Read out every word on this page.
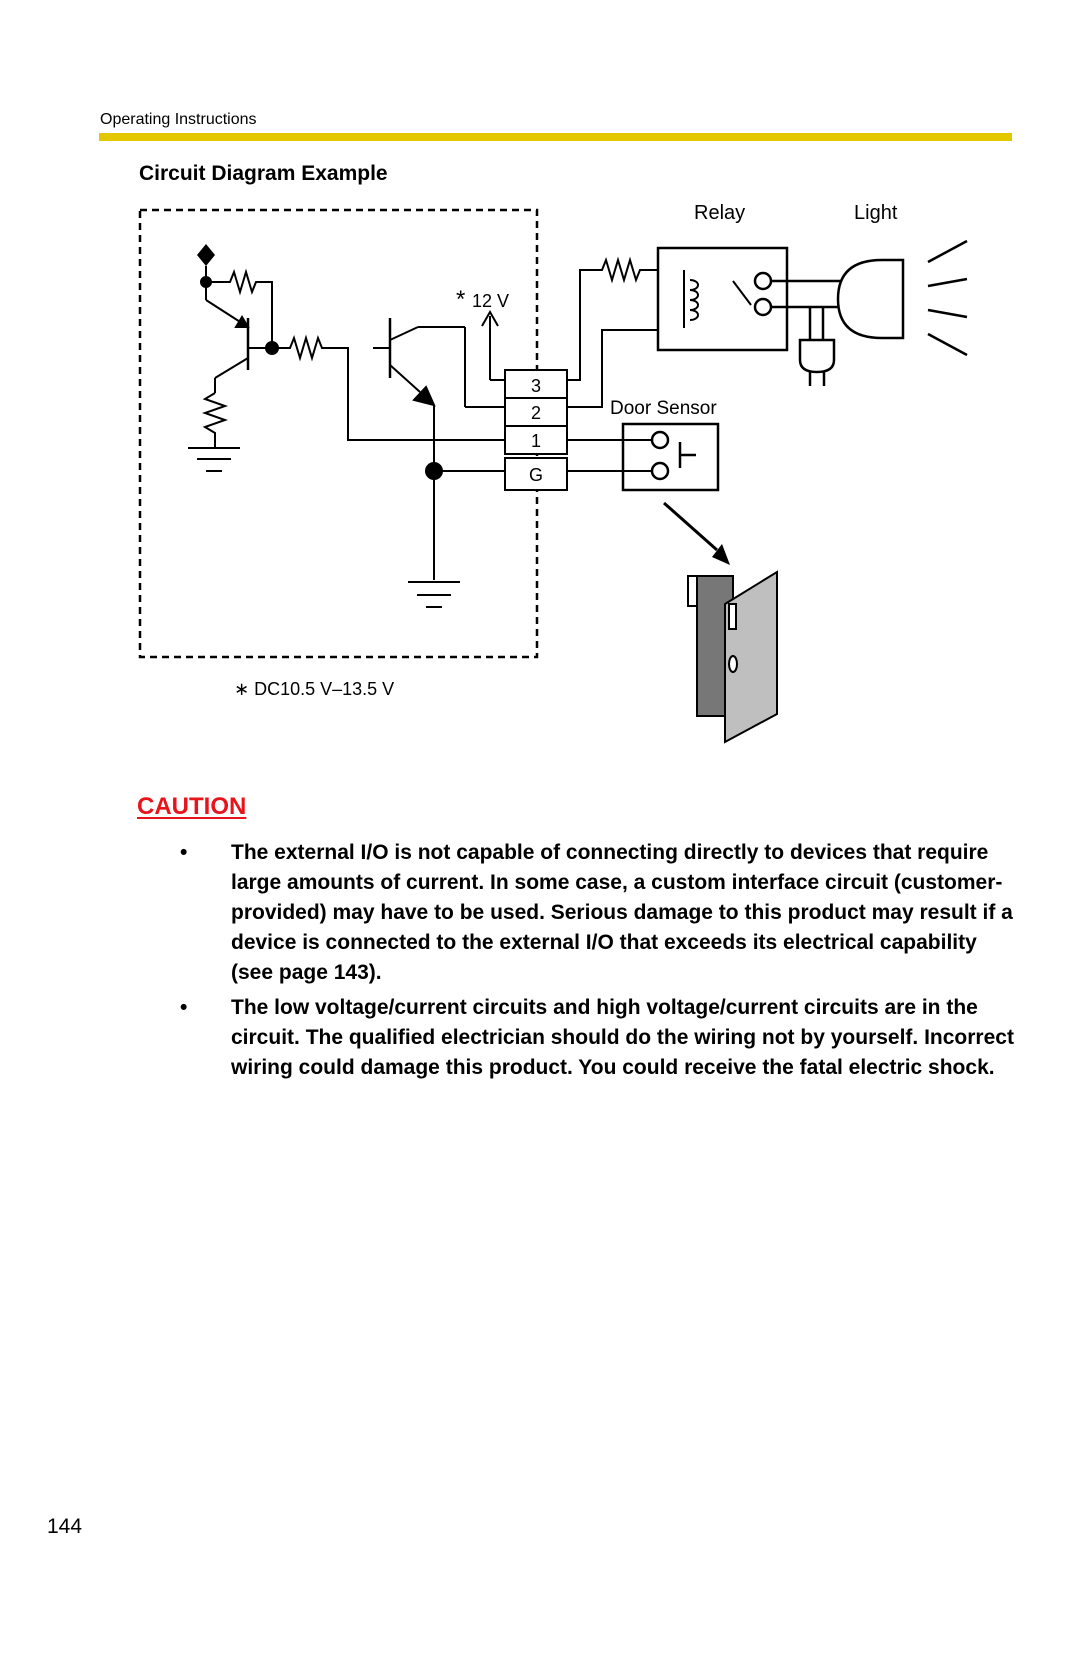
Operating Instructions
Circuit Diagram Example
3
2
1
G
Relay	Light
* 12 V
Door Sensor
∗ DC10.5 V–13.5 V
CAUTION
• The external I/O is not capable of connecting directly to devices that require large amounts of current. In some case, a custom interface circuit (customer-provided) may have to be used. Serious damage to this product may result if a device is connected to the external I/O that exceeds its electrical capability (see page 143).
• The low voltage/current circuits and high voltage/current circuits are in the circuit. The qualified electrician should do the wiring not by yourself. Incorrect wiring could damage this product. You could receive the fatal electric shock.
144
